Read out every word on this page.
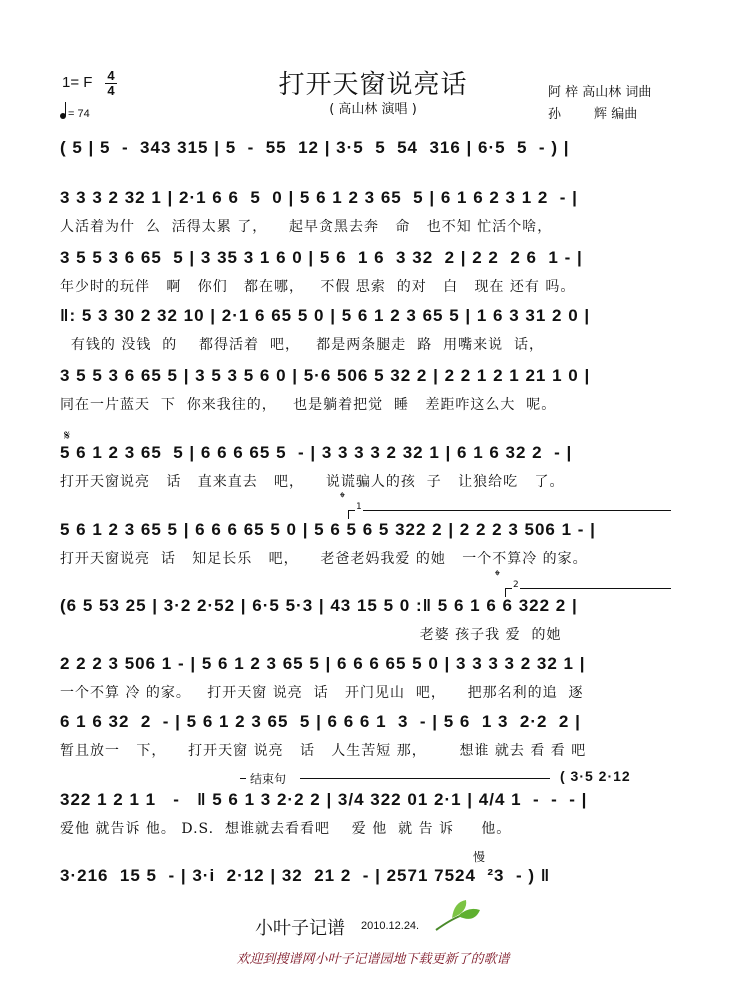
1= F 4
4
= 74
打开天窗说亮话
( 高山林 演唱 )
阿 梓 高山林 词曲
孙        辉 编曲
( 5 | 5  -  343 315 | 5  -  55  12 | 3·5  5  54  316 | 6·5  5  - ) |
3 3 3 2 32 1 | 2·1 6 6  5  0 | 5 6 1 2 3 65  5 | 6 1 6 2 3 1 2  - |
人活着为什  么  活得太累 了，    起早贪黑去奔   命   也不知 忙活个啥，
3 5 5 3 6 65  5 | 3 35 3 1 6 0 | 5 6  1 6  3 32  2 | 2 2  2 6  1 - |
年少时的玩伴   啊   你们   都在哪，   不假 思索  的对   白   现在 还有 吗。
‖: 5 3 30 2 32 10 | 2·1 6 65 5 0 | 5 6 1 2 3 65 5 | 1 6 3 31 2 0 |
有钱的 没钱  的    都得活着  吧，   都是两条腿走  路  用嘴来说  话，
3 5 5 3 6 65 5 | 3 5 3 5 6 0 | 5·6 506 5 32 2 | 2 2 1 2 1 21 1 0 |
同在一片蓝天  下  你来我往的，   也是躺着把觉  睡   差距咋这么大  呢。
𝄋
5 6 1 2 3 65  5 | 6 6 6 65 5  - | 3 3 3 3 2 32 1 | 6 1 6 32 2  - |
打开天窗说亮   话   直来直去   吧，    说谎骗人的孩  子   让狼给吃   了。
𝄌
1
5 6 1 2 3 65 5 | 6 6 6 65 5 0 | 5 6 5 6 5 322 2 | 2 2 2 3 506 1 - |
打开天窗说亮  话   知足长乐   吧，    老爸老妈我爱 的她   一个不算冷 的家。
𝄌
2
(6 5 53 25 | 3·2 2·52 | 6·5 5·3 | 43 15 5 0 :‖ 5 6 1 6 6 322 2 |
老婆 孩子我 爱  的她
2 2 2 3 506 1 - | 5 6 1 2 3 65 5 | 6 6 6 65 5 0 | 3 3 3 3 2 32 1 |
一个不算 冷 的家。   打开天窗 说亮  话   开门见山  吧，    把那名利的追  逐
6 1 6 32  2  - | 5 6 1 2 3 65  5 | 6 6 6 1  3  - | 5 6  1 3  2·2  2 |
暂且放一   下，    打开天窗 说亮   话   人生苦短 那，      想谁 就去 看 看 吧
结束句	( 3·5 2·12
322 1 2 1 1   -   ‖ 5 6 1 3 2·2 2 | 3/4 322 01 2·1 | 4/4 1  -  -  - |
爱他 就告诉 他。 D.S.  想谁就去看看吧    爱 他  就 告 诉     他。
慢
3·216  15 5  - | 3·i  2·12 | 32  21 2  - | 2571 7524  ²3  - ) ‖
小叶子记谱 2010.12.24.
欢迎到搜谱网小叶子记谱园地下载更新了的歌谱
